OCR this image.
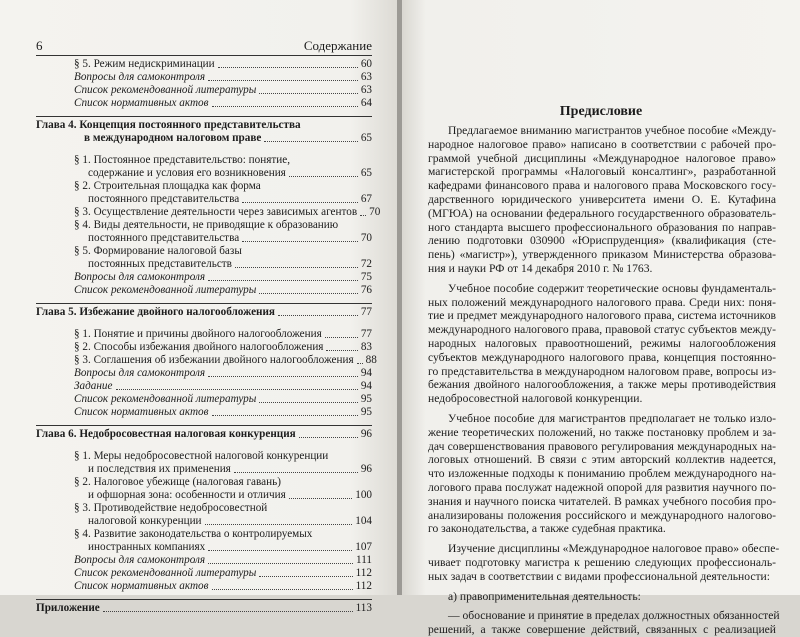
6	Содержание
§ 5. Режим недискриминации	60
Вопросы для самоконтроля	63
Список рекомендованной литературы	63
Список нормативных актов	64
Глава 4. Концепция постоянного представительства
в международном налоговом праве	65
§ 1. Постоянное представительство: понятие,
содержание и условия его возникновения	65
§ 2. Строительная площадка как форма
постоянного представительства	67
§ 3. Осуществление деятельности через зависимых агентов 70
§ 4. Виды деятельности, не приводящие к образованию
постоянного представительства	70
§ 5. Формирование налоговой базы
постоянных представительств	72
Вопросы для самоконтроля	75
Список рекомендованной литературы	76
Глава 5. Избежание двойного налогообложения	77
§ 1. Понятие и причины двойного налогообложения	77
§ 2. Способы избежания двойного налогообложения	83
§ 3. Соглашения об избежании двойного налогообложения 88
Вопросы для самоконтроля	94
Задание	94
Список рекомендованной литературы	95
Список нормативных актов	95
Глава 6. Недобросовестная налоговая конкуренция	96
§ 1. Меры недобросовестной налоговой конкуренции
и последствия их применения	96
§ 2. Налоговое убежище (налоговая гавань)
и офшорная зона: особенности и отличия	100
§ 3. Противодействие недобросовестной
налоговой конкуренции	104
§ 4. Развитие законодательства о контролируемых
иностранных компаниях	107
Вопросы для самоконтроля	111
Список рекомендованной литературы	112
Список нормативных актов	112
Приложение	113
Предисловие

Предлагаемое вниманию магистрантов учебное пособие «Между-
народное налоговое право» написано в соответствии с рабочей про-
граммой учебной дисциплины «Международное налоговое право»
магистерской программы «Налоговый консалтинг», разработанной
кафедрами финансового права и налогового права Московского госу-
дарственного юридического университета имени О. Е. Кутафина
(МГЮА) на основании федерального государственного образователь-
ного стандарта высшего профессионального образования по направ-
лению подготовки 030900 «Юриспруденция» (квалификация (сте-
пень) «магистр»), утвержденного приказом Министерства образова-
ния и науки РФ от 14 декабря 2010 г. № 1763.

Учебное пособие содержит теоретические основы фундаменталь-
ных положений международного налогового права. Среди них: поня-
тие и предмет международного налогового права, система источников
международного налогового права, правовой статус субъектов между-
народных налоговых правоотношений, режимы налогообложения
субъектов международного налогового права, концепция постоянно-
го представительства в международном налоговом праве, вопросы из-
бежания двойного налогообложения, а также меры противодействия
недобросовестной налоговой конкуренции.

Учебное пособие для магистрантов предполагает не только изло-
жение теоретических положений, но также постановку проблем и за-
дач совершенствования правового регулирования международных на-
логовых отношений. В связи с этим авторский коллектив надеется,
что изложенные подходы к пониманию проблем международного на-
логового права послужат надежной опорой для развития научного по-
знания и научного поиска читателей. В рамках учебного пособия про-
анализированы положения российского и международного налогово-
го законодательства, а также судебная практика.

Изучение дисциплины «Международное налоговое право» обеспе-
чивает подготовку магистра к решению следующих профессиональ-
ных задач в соответствии с видами профессиональной деятельности:

а) правоприменительная деятельность:

— обоснование и принятие в пределах должностных обязанностей
решений, а также совершение действий, связанных с реализацией
